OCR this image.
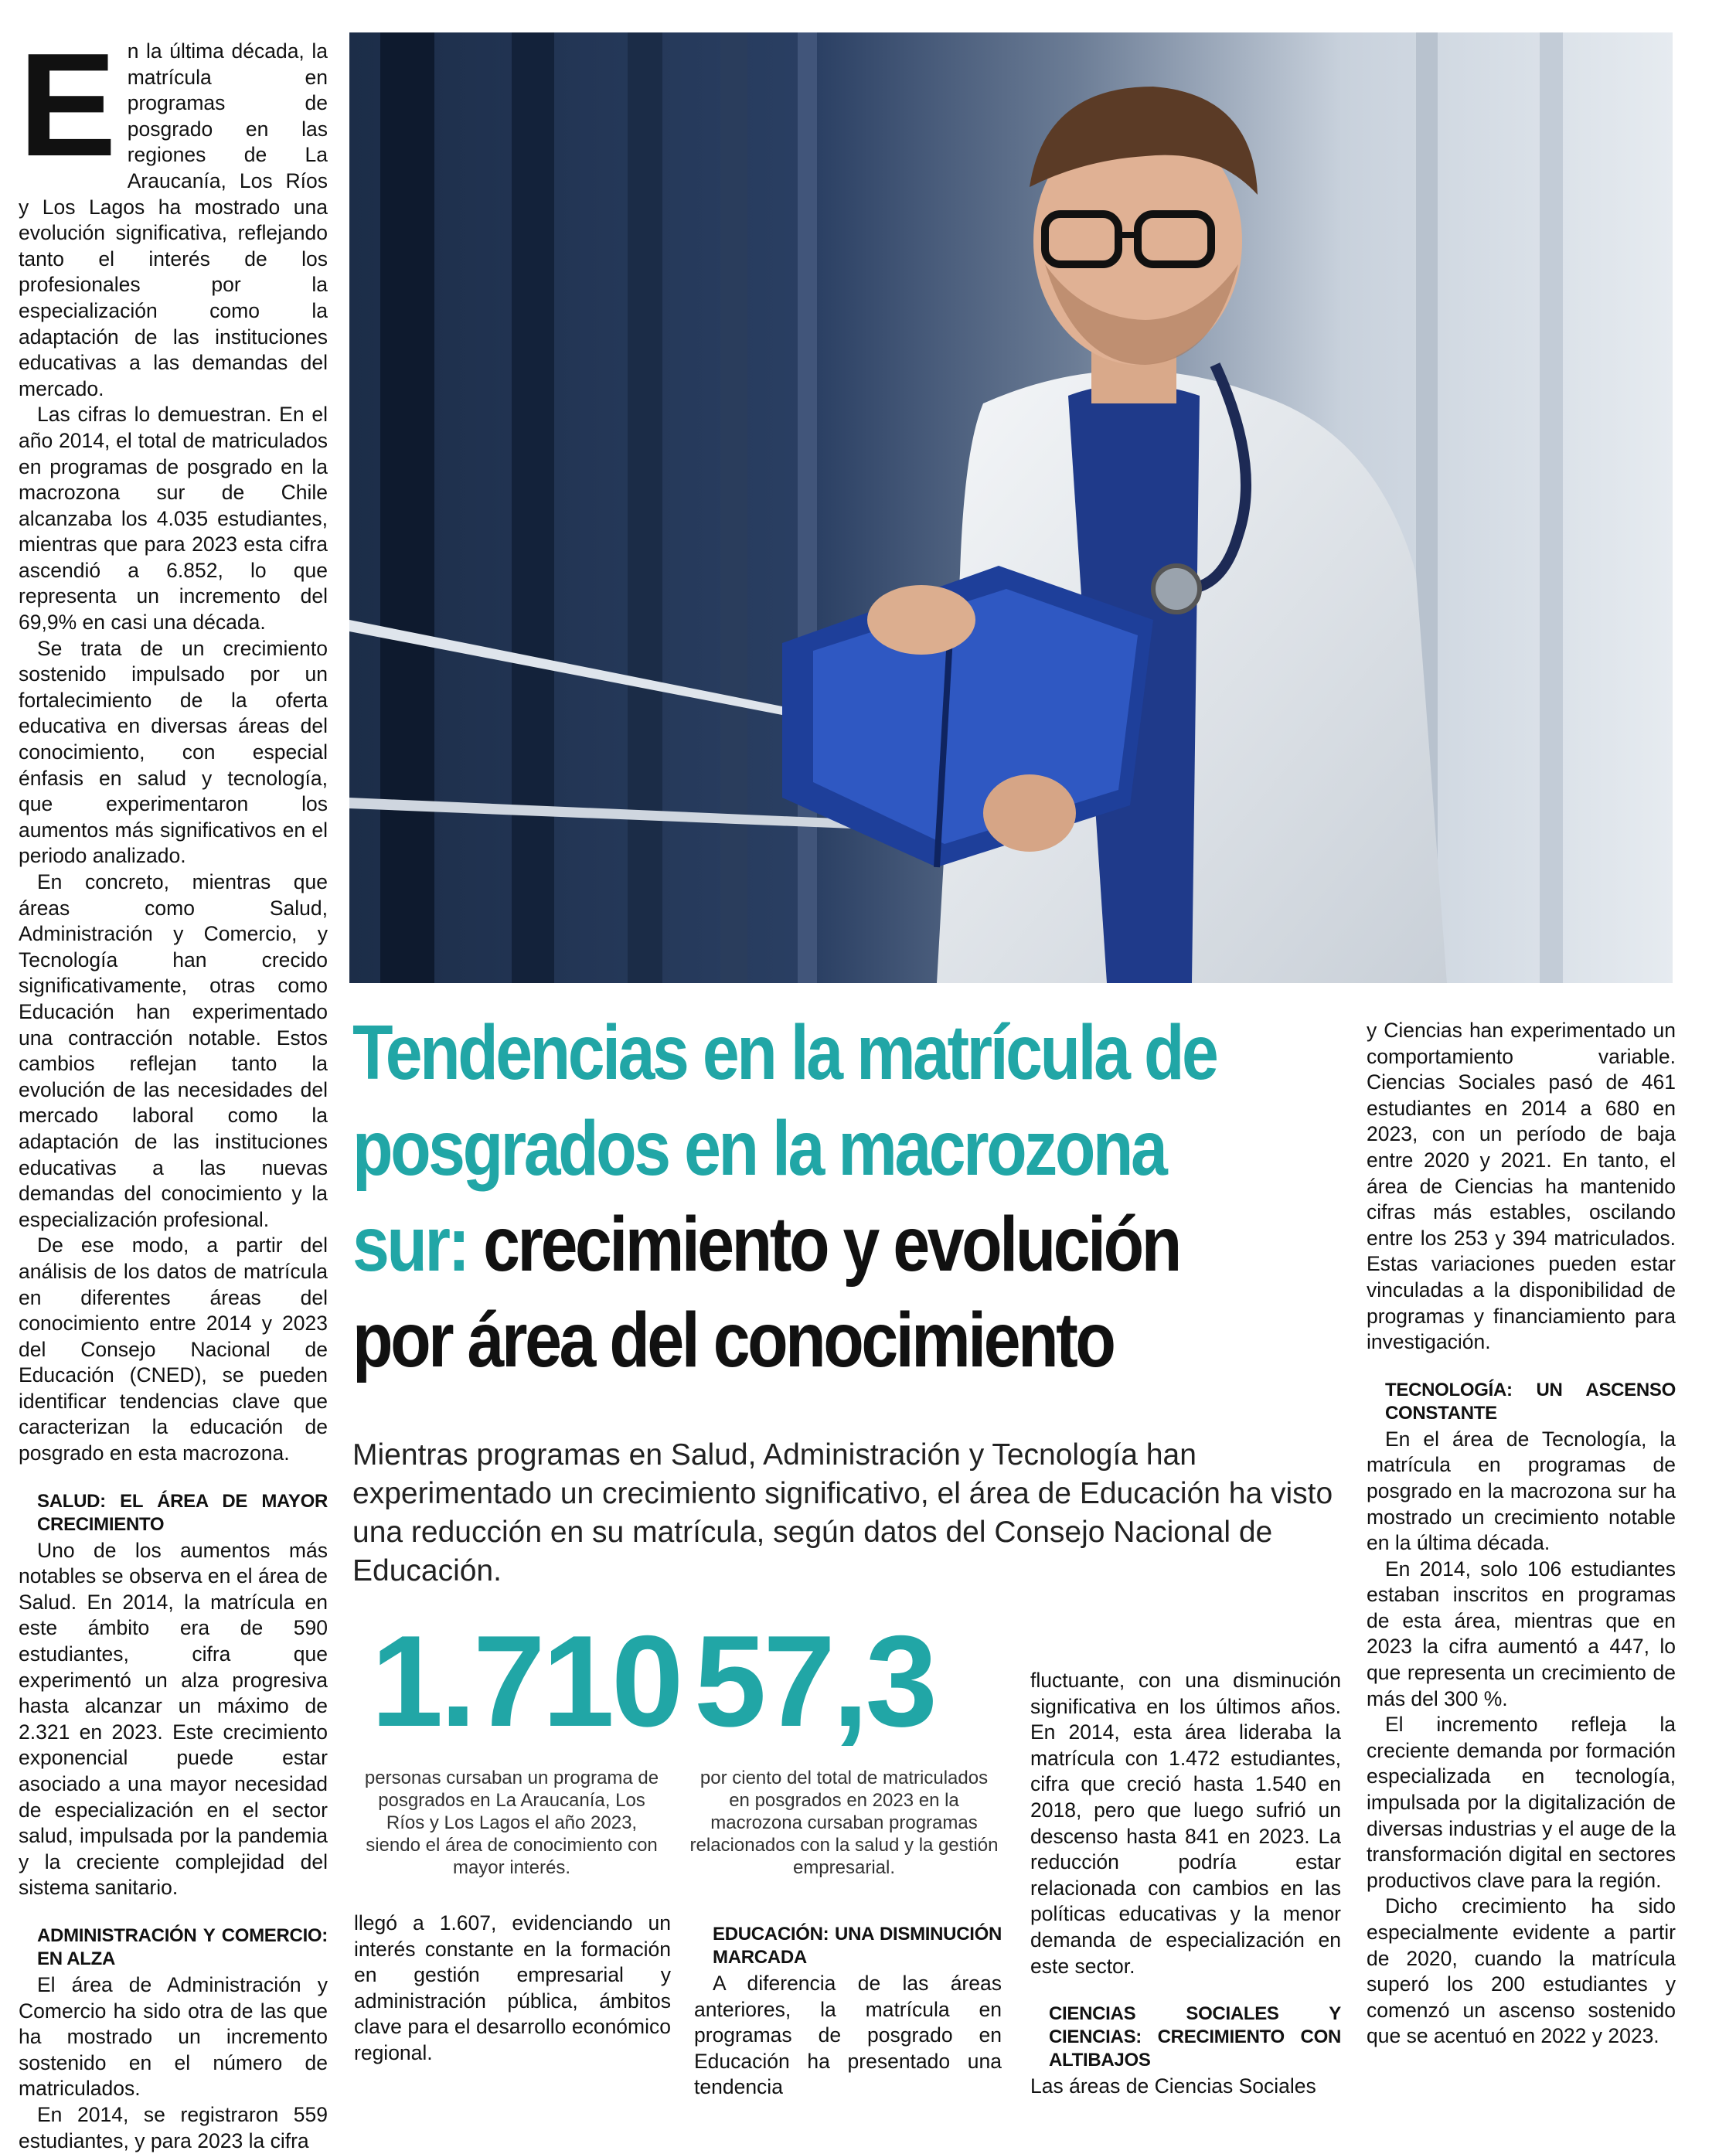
E n la última década, la matrícula en programas de posgrado en las regiones de La Araucanía, Los Ríos y Los Lagos ha mostrado una evolución significativa, reflejando tanto el interés de los profesionales por la especialización como la adaptación de las instituciones educativas a las demandas del mercado.

Las cifras lo demuestran. En el año 2014, el total de matriculados en programas de posgrado en la macrozona sur de Chile alcanzaba los 4.035 estudiantes, mientras que para 2023 esta cifra ascendió a 6.852, lo que representa un incremento del 69,9% en casi una década.

Se trata de un crecimiento sostenido impulsado por un fortalecimiento de la oferta educativa en diversas áreas del conocimiento, con especial énfasis en salud y tecnología, que experimentaron los aumentos más significativos en el periodo analizado.

En concreto, mientras que áreas como Salud, Administración y Comercio, y Tecnología han crecido significativamente, otras como Educación han experimentado una contracción notable. Estos cambios reflejan tanto la evolución de las necesidades del mercado laboral como la adaptación de las instituciones educativas a las nuevas demandas del conocimiento y la especialización profesional.

De ese modo, a partir del análisis de los datos de matrícula en diferentes áreas del conocimiento entre 2014 y 2023 del Consejo Nacional de Educación (CNED), se pueden identificar tendencias clave que caracterizan la educación de posgrado en esta macrozona.

SALUD: EL ÁREA DE MAYOR CRECIMIENTO

Uno de los aumentos más notables se observa en el área de Salud. En 2014, la matrícula en este ámbito era de 590 estudiantes, cifra que experimentó un alza progresiva hasta alcanzar un máximo de 2.321 en 2023. Este crecimiento exponencial puede estar asociado a una mayor necesidad de especialización en el sector salud, impulsada por la pandemia y la creciente complejidad del sistema sanitario.

ADMINISTRACIÓN Y COMERCIO: EN ALZA

El área de Administración y Comercio ha sido otra de las que ha mostrado un incremento sostenido en el número de matriculados.

En 2014, se registraron 559 estudiantes, y para 2023 la cifra

Tendencias en la matrícula de
posgrados en la macrozona
sur: crecimiento y evolución
por área del conocimiento
Mientras programas en Salud, Administración y Tecnología han experimentado un crecimiento significativo, el área de Educación ha visto una reducción en su matrícula, según datos del Consejo Nacional de Educación.
1.710 57,3
personas cursaban un programa de posgrados en La Araucanía, Los Ríos y Los Lagos el año 2023, siendo el área de conocimiento con mayor interés.
por ciento del total de matriculados en posgrados en 2023 en la macrozona cursaban programas relacionados con la salud y la gestión empresarial.

llegó a 1.607, evidenciando un interés constante en la formación en gestión empresarial y administración pública, ámbitos clave para el desarrollo económico regional.

EDUCACIÓN: UNA DISMINUCIÓN MARCADA

A diferencia de las áreas anteriores, la matrícula en programas de posgrado en Educación ha presentado una tendencia

fluctuante, con una disminución significativa en los últimos años. En 2014, esta área lideraba la matrícula con 1.472 estudiantes, cifra que creció hasta 1.540 en 2018, pero que luego sufrió un descenso hasta 841 en 2023. La reducción podría estar relacionada con cambios en las políticas educativas y la menor demanda de especialización en este sector.

CIENCIAS SOCIALES Y CIENCIAS: CRECIMIENTO CON ALTIBAJOS

Las áreas de Ciencias Sociales

y Ciencias han experimentado un comportamiento variable. Ciencias Sociales pasó de 461 estudiantes en 2014 a 680 en 2023, con un período de baja entre 2020 y 2021. En tanto, el área de Ciencias ha mantenido cifras más estables, oscilando entre los 253 y 394 matriculados. Estas variaciones pueden estar vinculadas a la disponibilidad de programas y financiamiento para investigación.

TECNOLOGÍA: UN ASCENSO CONSTANTE

En el área de Tecnología, la matrícula en programas de posgrado en la macrozona sur ha mostrado un crecimiento notable en la última década.

En 2014, solo 106 estudiantes estaban inscritos en programas de esta área, mientras que en 2023 la cifra aumentó a 447, lo que representa un crecimiento de más del 300 %.

El incremento refleja la creciente demanda por formación especializada en tecnología, impulsada por la digitalización de diversas industrias y el auge de la transformación digital en sectores productivos clave para la región.

Dicho crecimiento ha sido especialmente evidente a partir de 2020, cuando la matrícula superó los 200 estudiantes y comenzó un ascenso sostenido que se acentuó en 2022 y 2023.
